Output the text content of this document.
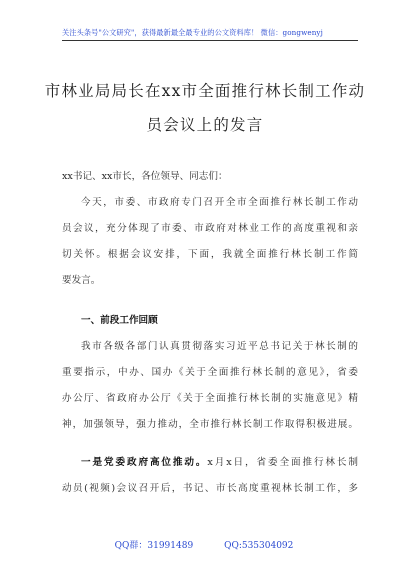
关注头条号"公文研究"，获得最新最全最专业的公文资料库！ 微信：gongwenyj
市林业局局长在xx市全面推行林长制工作动
员会议上的发言
xx书记、xx市长，各位领导、同志们：
今天，市委、市政府专门召开全市全面推行林长制工作动
员会议，充分体现了市委、市政府对林业工作的高度重视和亲
切关怀。根据会议安排，下面，我就全面推行林长制工作简
要发言。
一、前段工作回顾
我市各级各部门认真贯彻落实习近平总书记关于林长制的
重要指示，中办、国办《关于全面推行林长制的意见》，省委
办公厅、省政府办公厅《关于全面推行林长制的实施意见》精
神，加强领导，强力推动，全市推行林长制工作取得积极进展。
一是党委政府高位推动。x月x日，省委全面推行林长制
动员(视频)会议召开后，书记、市长高度重视林长制工作，多
QQ群：31991489	QQ:535304092
